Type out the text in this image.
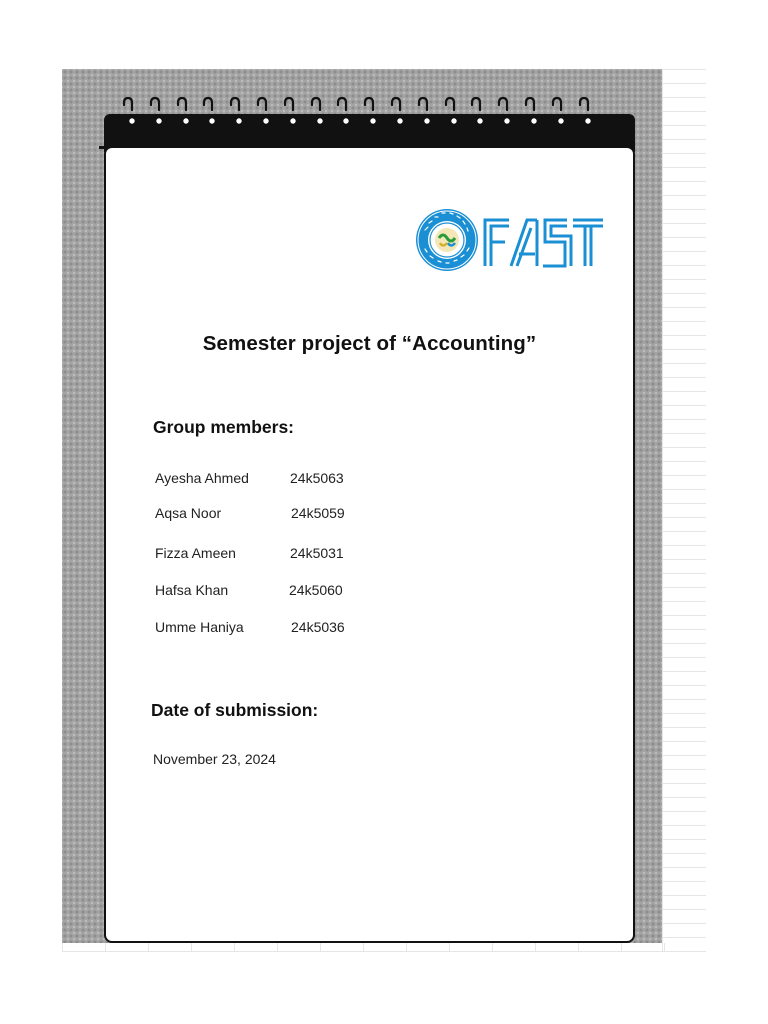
Semester project of “Accounting”
Group members:
Ayesha Ahmed	24k5063
Aqsa Noor	24k5059
Fizza Ameen	24k5031
Hafsa Khan	24k5060
Umme Haniya	24k5036
Date of submission:
November 23, 2024
